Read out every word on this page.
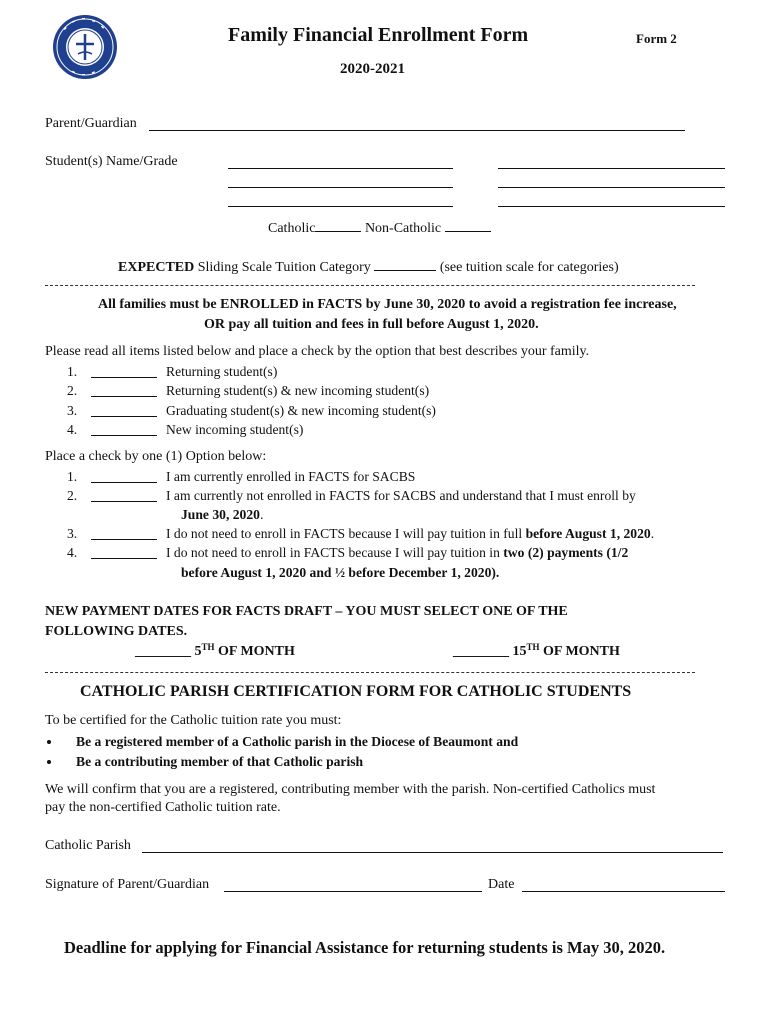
Family Financial Enrollment Form	Form 2
2020-2021
Parent/Guardian
Student(s) Name/Grade
Catholic	Non-Catholic
EXPECTED Sliding Scale Tuition Category	(see tuition scale for categories)
All families must be ENROLLED in FACTS by June 30, 2020 to avoid a registration fee increase,
OR pay all tuition and fees in full before August 1, 2020.
Please read all items listed below and place a check by the option that best describes your family.
1.	Returning student(s)
2.	Returning student(s) & new incoming student(s)
3.	Graduating student(s) & new incoming student(s)
4.	New incoming student(s)
Place a check by one (1) Option below:
1.	I am currently enrolled in FACTS for SACBS
2.	I am currently not enrolled in FACTS for SACBS and understand that I must enroll by
June 30, 2020.
3.	I do not need to enroll in FACTS because I will pay tuition in full before August 1, 2020.
4.	I do not need to enroll in FACTS because I will pay tuition in two (2) payments (1/2
before August 1, 2020 and ½ before December 1, 2020).
NEW PAYMENT DATES FOR FACTS DRAFT – YOU MUST SELECT ONE OF THE
FOLLOWING DATES.
________ 5TH OF MONTH	________ 15TH OF MONTH
CATHOLIC PARISH CERTIFICATION FORM FOR CATHOLIC STUDENTS
To be certified for the Catholic tuition rate you must:
• Be a registered member of a Catholic parish in the Diocese of Beaumont and
• Be a contributing member of that Catholic parish
We will confirm that you are a registered, contributing member with the parish. Non-certified Catholics must
pay the non-certified Catholic tuition rate.
Catholic Parish
Signature of Parent/Guardian	Date
Deadline for applying for Financial Assistance for returning students is May 30, 2020.
